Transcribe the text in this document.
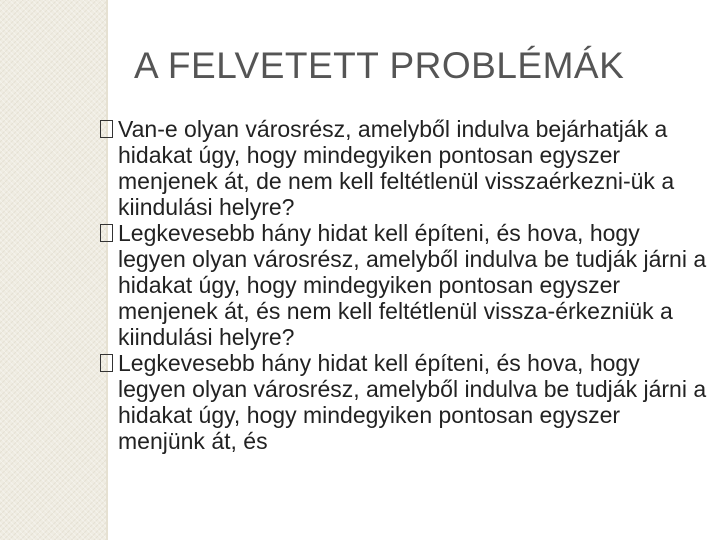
A FELVETETT PROBLÉMÁK
Van-e olyan városrész, amelyből indulva bejárhatják a hidakat úgy, hogy mindegyiken pontosan egyszer menjenek át, de nem kell feltétlenül visszaérkezni-ük a kiindulási helyre?
Legkevesebb hány hidat kell építeni, és hova, hogy legyen olyan városrész, amelyből indulva be tudják járni a hidakat úgy, hogy mindegyiken pontosan egyszer menjenek át, és nem kell feltétlenül vissza-érkezniük a kiindulási helyre?
Legkevesebb hány hidat kell építeni, és hova, hogy legyen olyan városrész, amelyből indulva be tudják járni a hidakat úgy, hogy mindegyiken pontosan egyszer menjünk át, és
